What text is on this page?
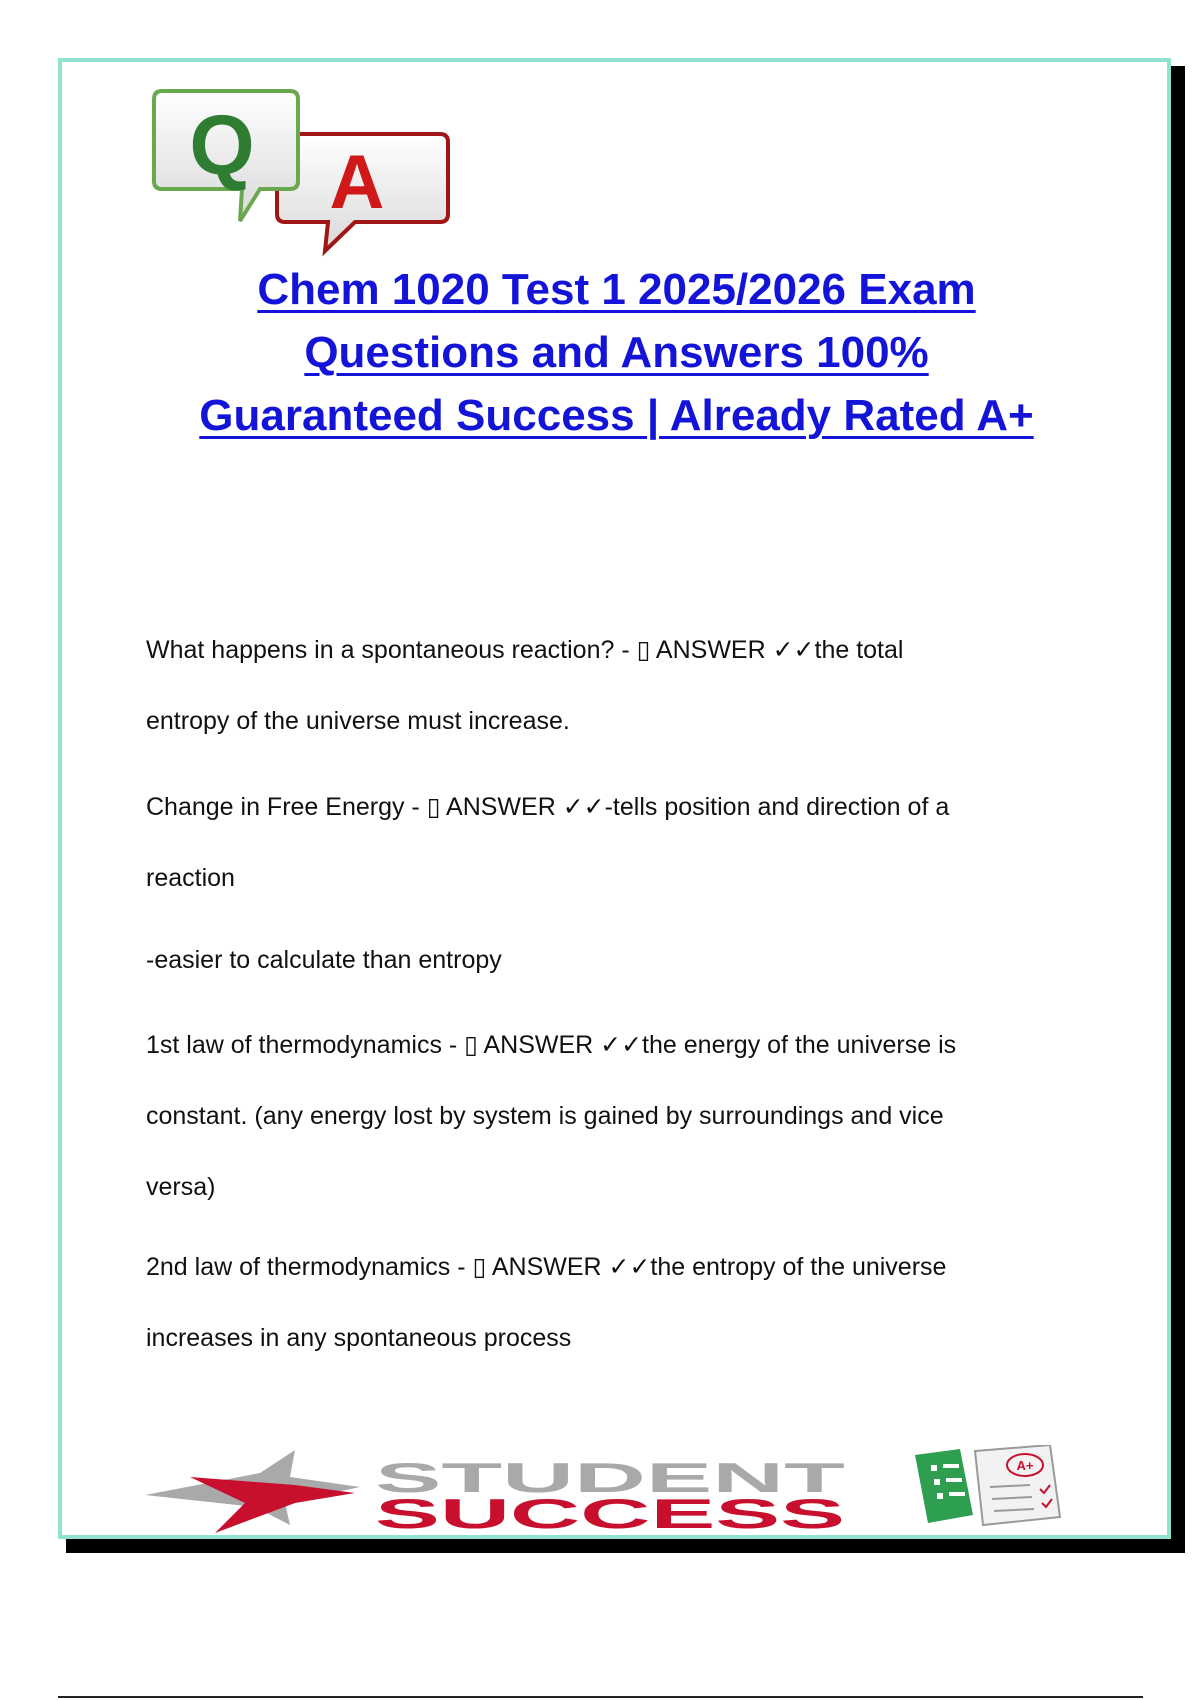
A
Q
Chem 1020 Test 1 2025/2026 Exam
Questions and Answers 100%
Guaranteed Success | Already Rated A+

What happens in a spontaneous reaction? - ▯ ANSWER ✓✓the total
entropy of the universe must increase.

Change in Free Energy - ▯ ANSWER ✓✓-tells position and direction of a
reaction

-easier to calculate than entropy

1st law of thermodynamics - ▯ ANSWER ✓✓the energy of the universe is
constant. (any energy lost by system is gained by surroundings and vice
versa)

2nd law of thermodynamics - ▯ ANSWER ✓✓the entropy of the universe
increases in any spontaneous process

STUDENT
SUCCESS
A+
